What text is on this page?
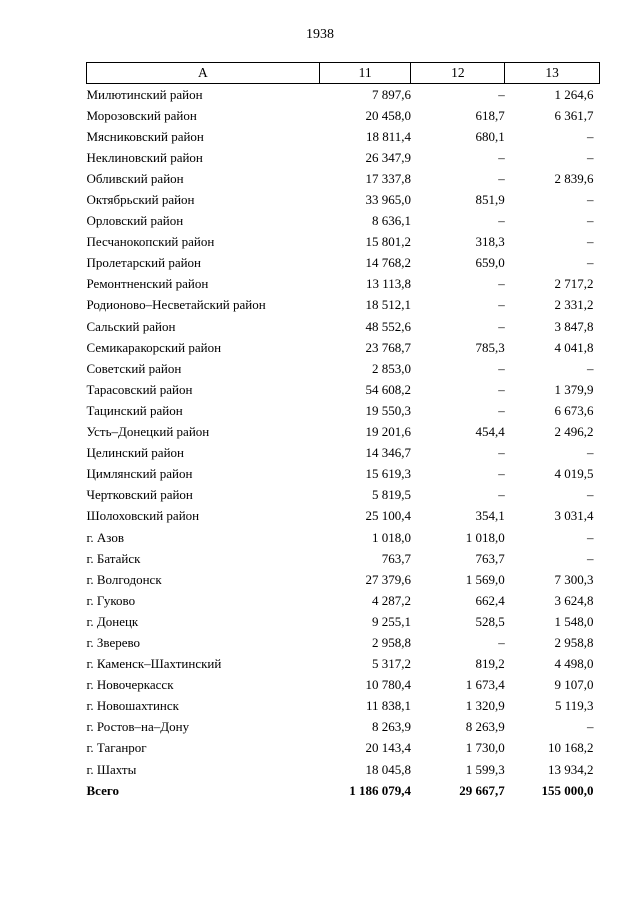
1938
A	11	12	13
Милютинский район	7 897,6	–	1 264,6
Морозовский район	20 458,0	618,7	6 361,7
Мясниковский район	18 811,4	680,1	–
Неклиновский район	26 347,9	–	–
Обливский район	17 337,8	–	2 839,6
Октябрьский район	33 965,0	851,9	–
Орловский район	8 636,1	–	–
Песчанокопский район	15 801,2	318,3	–
Пролетарский район	14 768,2	659,0	–
Ремонтненский район	13 113,8	–	2 717,2
Родионово–Несветайский район	18 512,1	–	2 331,2
Сальский район	48 552,6	–	3 847,8
Семикаракорский район	23 768,7	785,3	4 041,8
Советский район	2 853,0	–	–
Тарасовский район	54 608,2	–	1 379,9
Тацинский район	19 550,3	–	6 673,6
Усть–Донецкий район	19 201,6	454,4	2 496,2
Целинский район	14 346,7	–	–
Цимлянский район	15 619,3	–	4 019,5
Чертковский район	5 819,5	–	–
Шолоховский район	25 100,4	354,1	3 031,4
г. Азов	1 018,0	1 018,0	–
г. Батайск	763,7	763,7	–
г. Волгодонск	27 379,6	1 569,0	7 300,3
г. Гуково	4 287,2	662,4	3 624,8
г. Донецк	9 255,1	528,5	1 548,0
г. Зверево	2 958,8	–	2 958,8
г. Каменск–Шахтинский	5 317,2	819,2	4 498,0
г. Новочеркасск	10 780,4	1 673,4	9 107,0
г. Новошахтинск	11 838,1	1 320,9	5 119,3
г. Ростов–на–Дону	8 263,9	8 263,9	–
г. Таганрог	20 143,4	1 730,0	10 168,2
г. Шахты	18 045,8	1 599,3	13 934,2
Всего	1 186 079,4	29 667,7	155 000,0
